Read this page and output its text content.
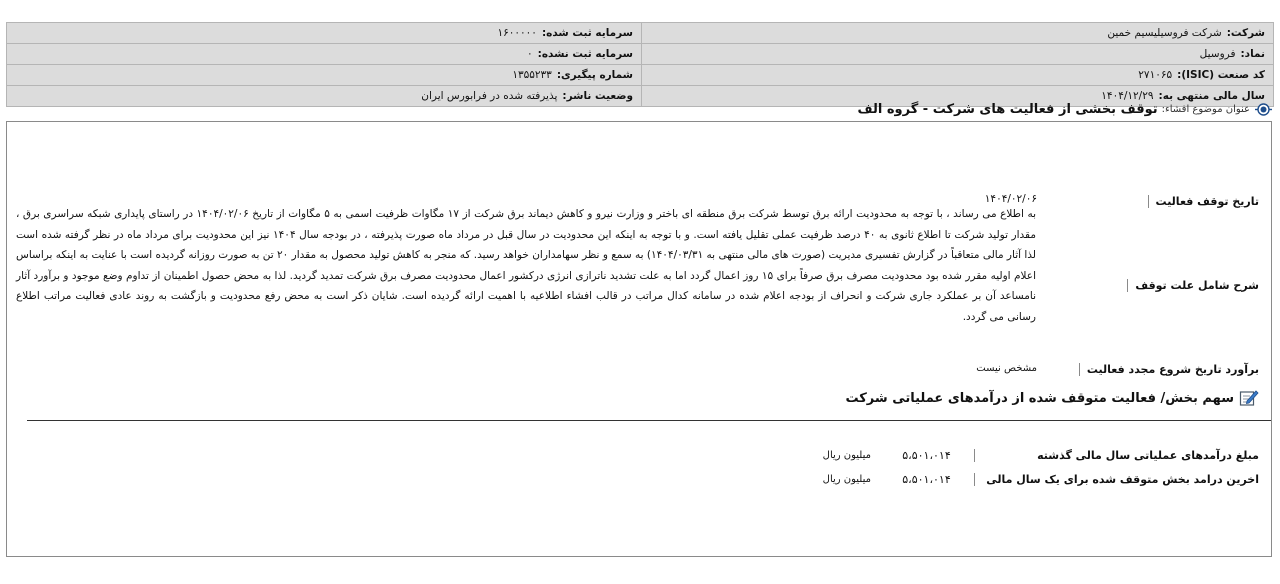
شرکت:شرکت فروسیلیسیم خمین	سرمایه ثبت شده:۱۶۰۰۰۰۰
نماد:فروسیل	سرمایه ثبت نشده:۰
کد صنعت (ISIC):۲۷۱۰۶۵	شماره پیگیری:۱۳۵۵۲۳۳
سال مالی منتهی به:۱۴۰۴/۱۲/۲۹	وضعیت ناشر:پذیرفته شده در فرابورس ایران
عنوان موضوع افشاء:
توقف بخشی از فعالیت های شرکت - گروه الف
تاریخ توقف فعالیت
۱۴۰۴/۰۲/۰۶
شرح شامل علت توقف
به اطلاع می رساند ، با توجه به محدودیت ارائه برق توسط شرکت برق منطقه ای باختر و وزارت نیرو و کاهش دیماند برق شرکت از ۱۷ مگاوات ظرفیت اسمی به ۵ مگاوات از تاریخ ۱۴۰۴/۰۲/۰۶ در راستای پایداری شبکه سراسری برق ، مقدار تولید شرکت تا اطلاع ثانوی به ۴۰ درصد ظرفیت عملی تقلیل یافته است. و با توجه به اینکه این محدودیت در سال قبل در مرداد ماه صورت پذیرفته ، در بودجه سال ۱۴۰۴ نیز این محدودیت برای مرداد ماه در نظر گرفته شده است لذا آثار مالی متعاقباً در گزارش تفسیری مدیریت (صورت های مالی منتهی به ۱۴۰۴/۰۳/۳۱) به سمع و نظر سهامداران خواهد رسید. که منجر به کاهش تولید محصول به مقدار ۲۰ تن به صورت روزانه گردیده است با عنایت به اینکه براساس اعلام اولیه مقرر شده بود محدودیت مصرف برق صرفاً برای ۱۵ روز اعمال گردد اما به علت تشدید ناترازی انرژی درکشور اعمال محدودیت مصرف برق شرکت تمدید گردید. لذا به محض حصول اطمینان از تداوم وضع موجود و برآورد آثار نامساعد آن بر عملکرد جاری شرکت و انحراف از بودجه اعلام شده در سامانه کدال مراتب در قالب افشاء اطلاعیه با اهمیت ارائه گردیده است. شایان ذکر است به محض رفع محدودیت و بازگشت به روند عادی فعالیت مراتب اطلاع رسانی می گردد.
برآورد تاریخ شروع مجدد فعالیت
مشخص نیست
سهم بخش/ فعالیت متوقف شده از درآمدهای عملیاتی شرکت
مبلغ درآمدهای عملیاتی سال مالی گذشته
۵،۵۰۱،۰۱۴
میلیون ریال
اخرین درامد بخش متوقف شده برای یک سال مالی
۵،۵۰۱،۰۱۴
میلیون ریال
